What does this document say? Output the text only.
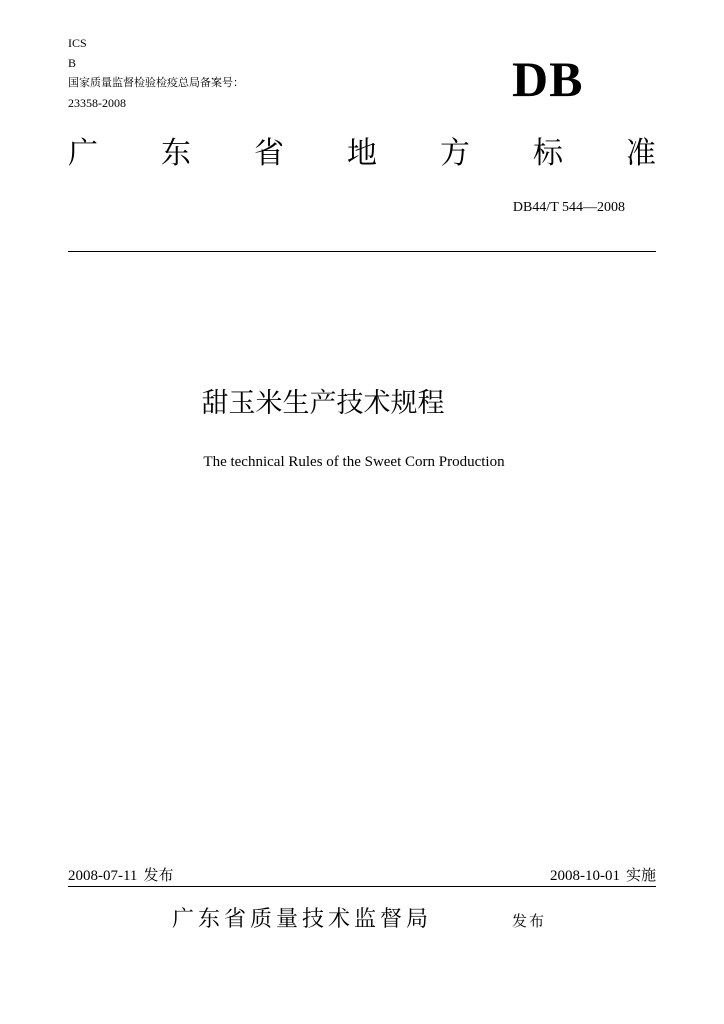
ICS
B
国家质量监督检验检疫总局备案号：
23358-2008	DB
广 东 省 地 方 标 准
DB44/T 544—2008
甜玉米生产技术规程
The technical Rules of the Sweet Corn Production
2008-07-11 发布	2008-10-01 实施
广东省质量技术监督局	发布
